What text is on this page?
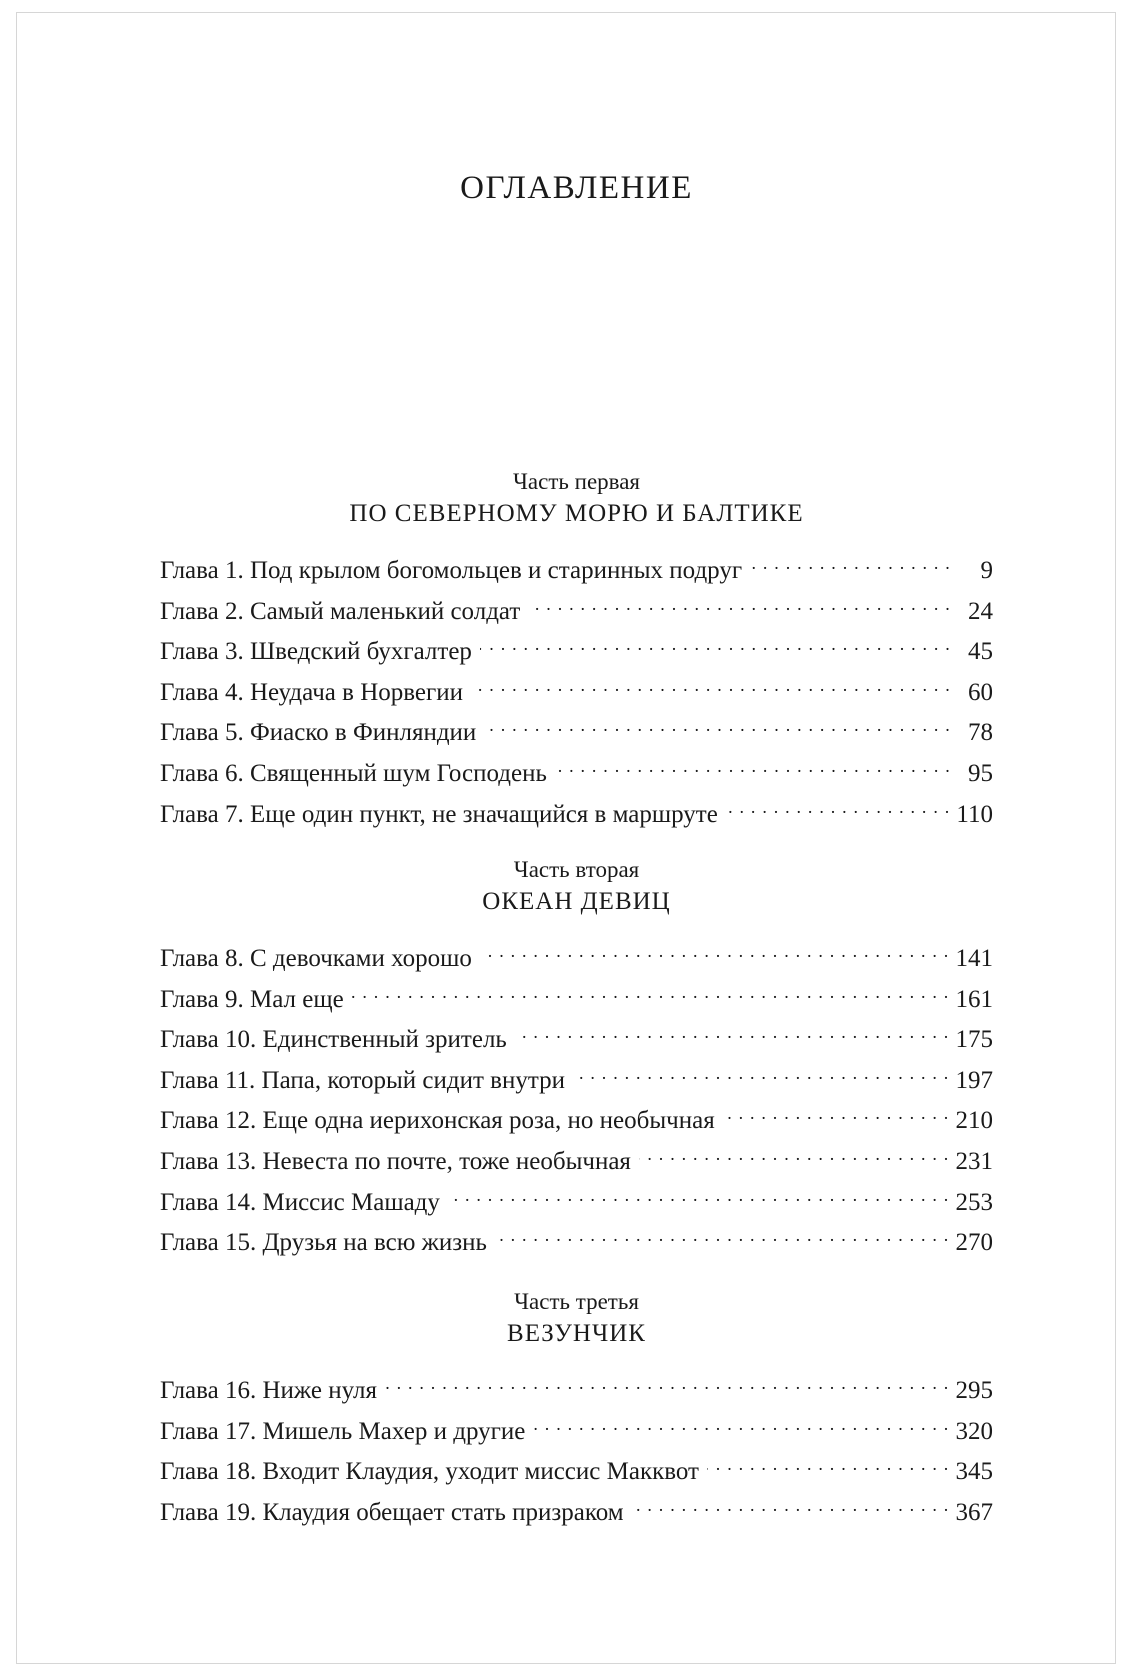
ОГЛАВЛЕНИЕ
Часть первая
ПО СЕВЕРНОМУ МОРЮ И БАЛТИКЕ
Глава 1. Под крылом богомольцев и старинных подруг . . .	9
Глава 2. Самый маленький солдат . . .	24
Глава 3. Шведский бухгалтер . . .	45
Глава 4. Неудача в Норвегии . . .	60
Глава 5. Фиаско в Финляндии . . .	78
Глава 6. Священный шум Господень . . .	95
Глава 7. Еще один пункт, не значащийся в маршруте . . .	110
Часть вторая
ОКЕАН ДЕВИЦ
Глава 8. С девочками хорошо . . .	141
Глава 9. Мал еще . . .	161
Глава 10. Единственный зритель . . .	175
Глава 11. Папа, который сидит внутри . . .	197
Глава 12. Еще одна иерихонская роза, но необычная . . .	210
Глава 13. Невеста по почте, тоже необычная . . .	231
Глава 14. Миссис Машаду . . .	253
Глава 15. Друзья на всю жизнь . . .	270
Часть третья
ВЕЗУНЧИК
Глава 16. Ниже нуля . . .	295
Глава 17. Мишель Махер и другие . . .	320
Глава 18. Входит Клаудия, уходит миссис Макквот . . .	345
Глава 19. Клаудия обещает стать призраком . . .	367
